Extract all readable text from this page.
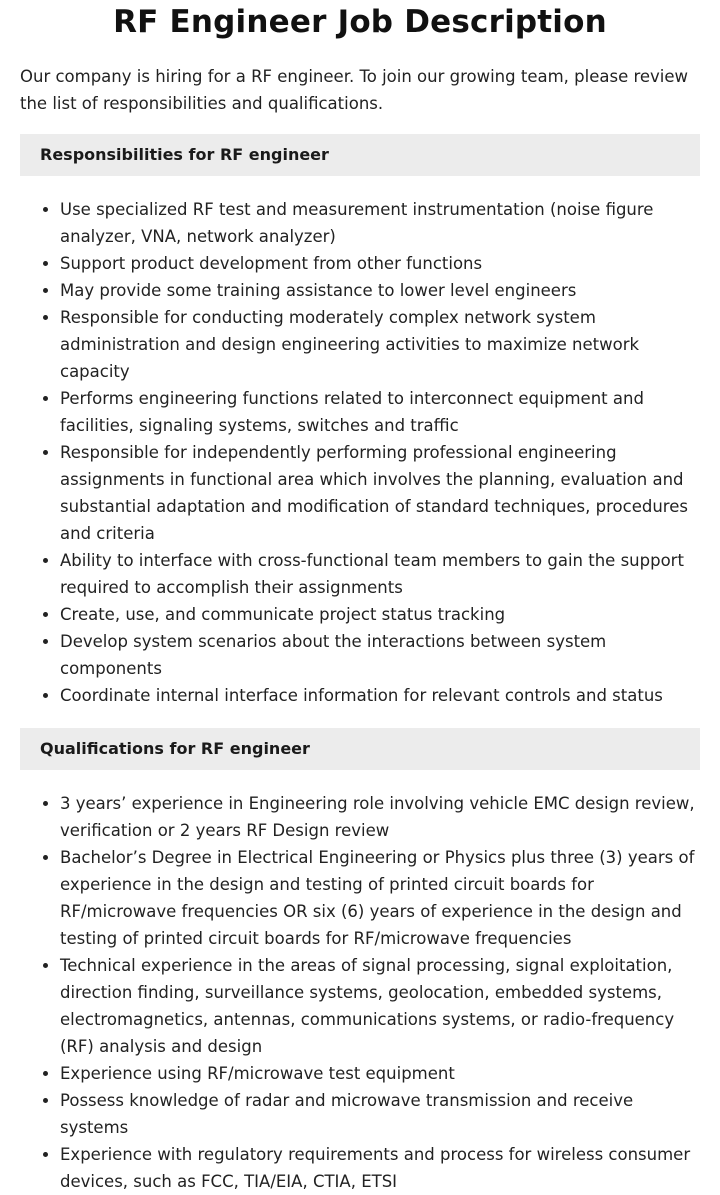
RF Engineer Job Description

Our company is hiring for a RF engineer. To join our growing team, please review the list of responsibilities and qualifications.

Responsibilities for RF engineer
• Use specialized RF test and measurement instrumentation (noise figure analyzer, VNA, network analyzer)
• Support product development from other functions
• May provide some training assistance to lower level engineers
• Responsible for conducting moderately complex network system administration and design engineering activities to maximize network capacity
• Performs engineering functions related to interconnect equipment and facilities, signaling systems, switches and traffic
• Responsible for independently performing professional engineering assignments in functional area which involves the planning, evaluation and substantial adaptation and modification of standard techniques, procedures and criteria
• Ability to interface with cross-functional team members to gain the support required to accomplish their assignments
• Create, use, and communicate project status tracking
• Develop system scenarios about the interactions between system components
• Coordinate internal interface information for relevant controls and status
Qualifications for RF engineer
• 3 years’ experience in Engineering role involving vehicle EMC design review, verification or 2 years RF Design review
• Bachelor’s Degree in Electrical Engineering or Physics plus three (3) years of experience in the design and testing of printed circuit boards for RF/microwave frequencies OR six (6) years of experience in the design and testing of printed circuit boards for RF/microwave frequencies
• Technical experience in the areas of signal processing, signal exploitation, direction finding, surveillance systems, geolocation, embedded systems, electromagnetics, antennas, communications systems, or radio-frequency (RF) analysis and design
• Experience using RF/microwave test equipment
• Possess knowledge of radar and microwave transmission and receive systems
• Experience with regulatory requirements and process for wireless consumer devices, such as FCC, TIA/EIA, CTIA, ETSI
